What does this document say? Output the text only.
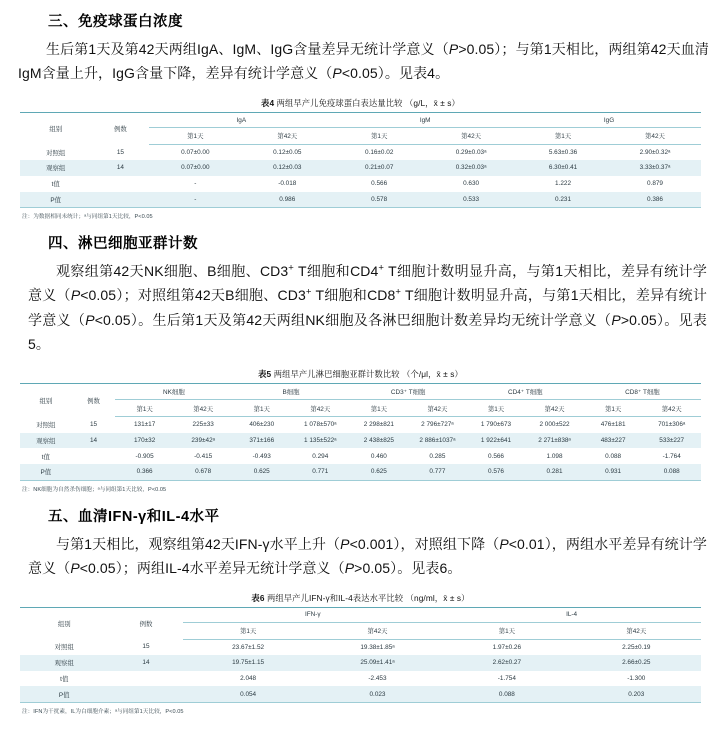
三、免疫球蛋白浓度

生后第1天及第42天两组IgA、IgM、IgG含量差异无统计学意义（P>0.05）；与第1天相比，两组第42天血清IgM含量上升，IgG含量下降，差异有统计学意义（P<0.05）。见表4。

表4 两组早产儿免疫球蛋白表达量比较 （g/L，x̄ ± s）
组别	例数	IgA		IgM		IgG	
		第1天	第42天	第1天	第42天	第1天	第42天
对照组	15	0.07±0.00	0.12±0.05	0.16±0.02	0.29±0.03ᵃ	5.63±0.36	2.90±0.32ᵃ
观察组	14	0.07±0.00	0.12±0.03	0.21±0.07	0.32±0.03ᵃ	6.30±0.41	3.33±0.37ᵃ
t值		-	-0.018	0.566	0.630	1.222	0.879
P值		-	0.986	0.578	0.533	0.231	0.386
注：为数据相同未统计；ᵃ与同组第1天比较，P<0.05
四、淋巴细胞亚群计数

观察组第42天NK细胞、B细胞、CD3+ T细胞和CD4+ T细胞计数明显升高，与第1天相比，差异有统计学意义（P<0.05）；对照组第42天B细胞、CD3+ T细胞和CD8+ T细胞计数明显升高，与第1天相比，差异有统计学意义（P<0.05）。生后第1天及第42天两组NK细胞及各淋巴细胞计数差异均无统计学意义（P>0.05）。见表5。

表5 两组早产儿淋巴细胞亚群计数比较 （个/μl，x̄ ± s）
组别	例数	NK细胞		B细胞		CD3⁺ T细胞		CD4⁺ T细胞		CD8⁺ T细胞	
		第1天	第42天	第1天	第42天	第1天	第42天	第1天	第42天	第1天	第42天
对照组	15	131±17	225±33	406±230	1 078±570ᵃ	2 298±821	2 796±727ᵃ	1 790±673	2 000±522	476±181	701±306ᵃ
观察组	14	170±32	239±42ᵃ	371±166	1 135±522ᵃ	2 438±825	2 886±1037ᵃ	1 922±641	2 271±838ᵃ	483±227	533±227
t值		-0.905	-0.415	-0.493	0.294	0.460	0.285	0.566	1.098	0.088	-1.764
P值		0.366	0.678	0.625	0.771	0.625	0.777	0.576	0.281	0.931	0.088
注：NK细胞为自然杀伤细胞；ᵃ与同组第1天比较，P<0.05
五、血清IFN-γ和IL-4水平

与第1天相比，观察组第42天IFN-γ水平上升（P<0.001），对照组下降（P<0.01），两组水平差异有统计学意义（P<0.05）；两组IL-4水平差异无统计学意义（P>0.05）。见表6。

表6 两组早产儿IFN-γ和IL-4表达水平比较 （ng/ml，x̄ ± s）
组别	例数	IFN-γ		IL-4	
		第1天	第42天	第1天	第42天
对照组	15	23.67±1.52	19.38±1.85ᵃ	1.97±0.26	2.25±0.19
观察组	14	19.75±1.15	25.09±1.41ᵃ	2.62±0.27	2.66±0.25
t值		2.048	-2.453	-1.754	-1.300
P值		0.054	0.023	0.088	0.203
注：IFN为干扰素，IL为白细胞介素；ᵃ与同组第1天比较，P<0.05
